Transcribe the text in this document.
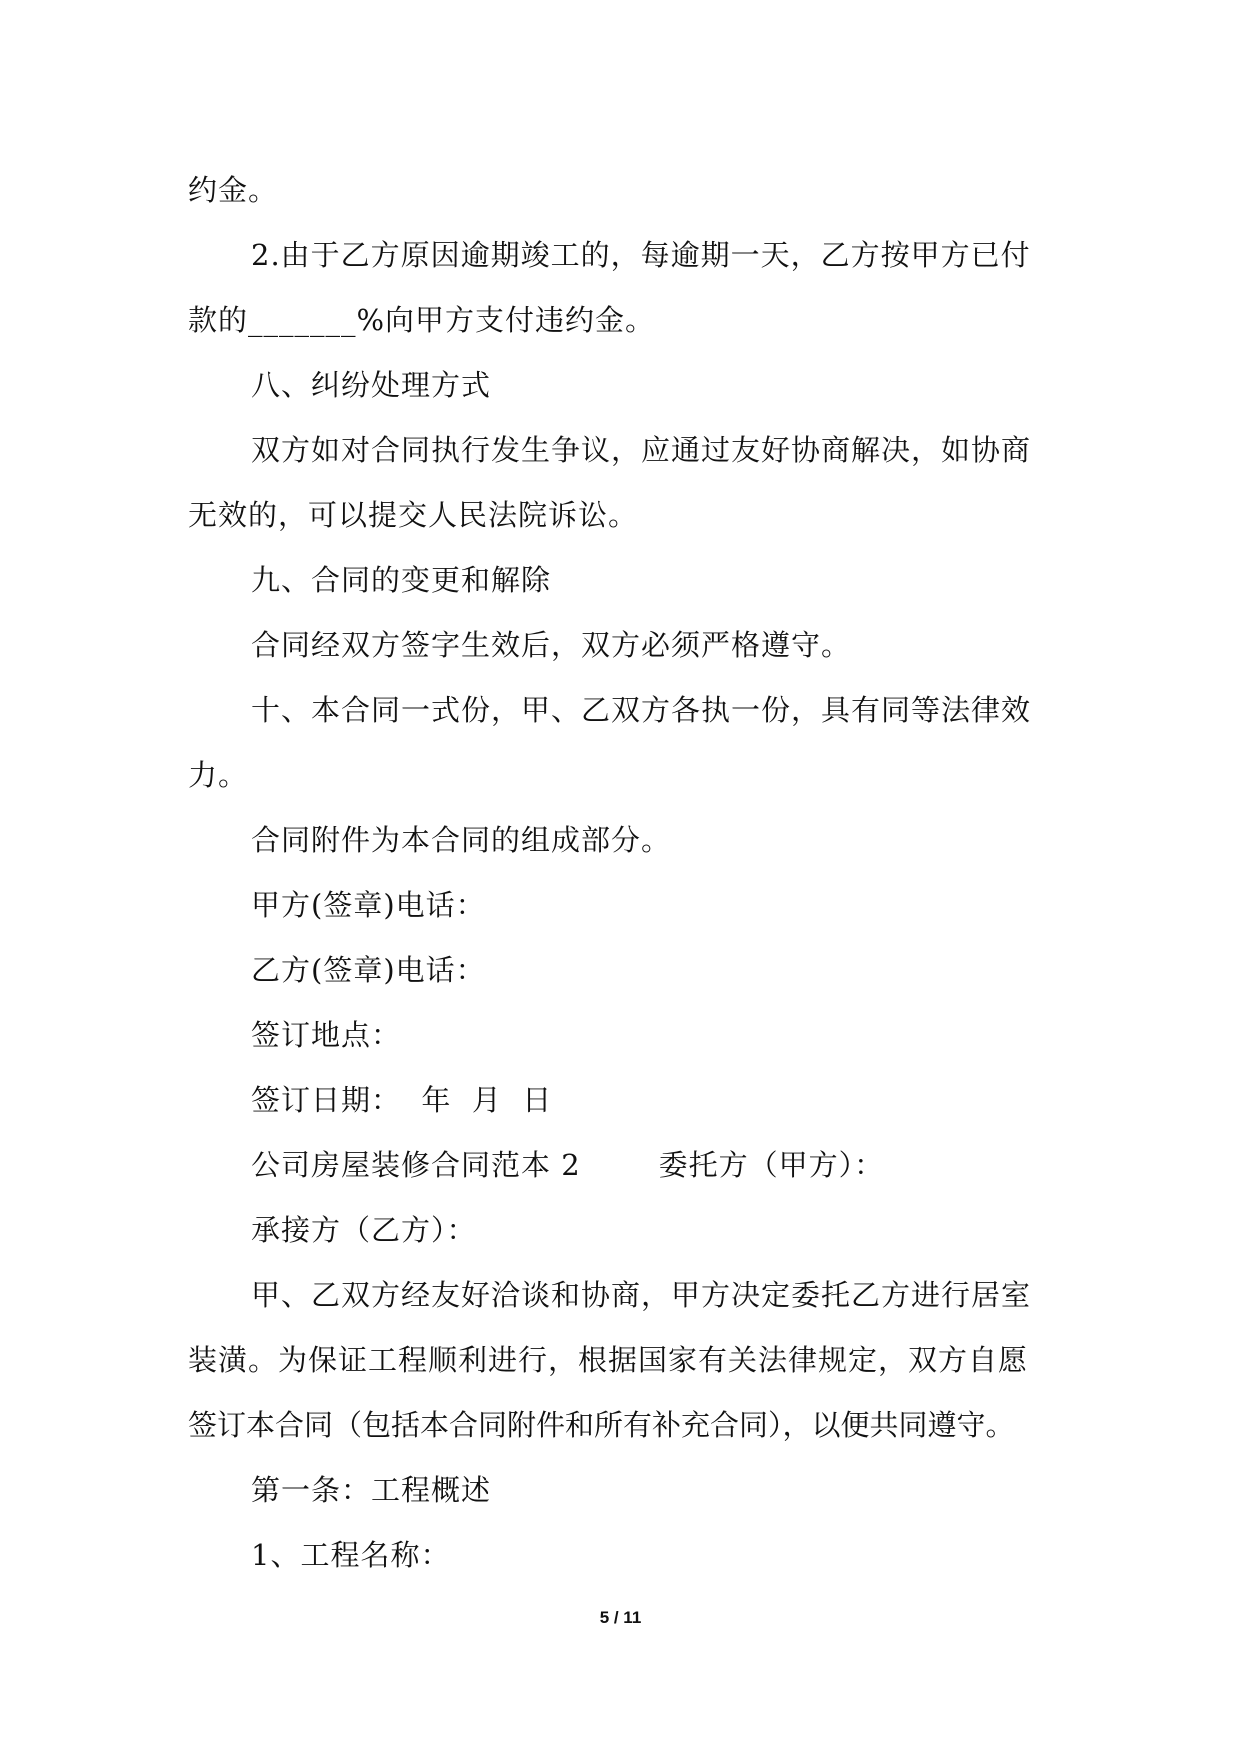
约金。
2.由于乙方原因逾期竣工的，每逾期一天，乙方按甲方已付
款的_______%向甲方支付违约金。
八、纠纷处理方式
双方如对合同执行发生争议，应通过友好协商解决，如协商
无效的，可以提交人民法院诉讼。
九、合同的变更和解除
合同经双方签字生效后，双方必须严格遵守。
十、本合同一式份，甲、乙双方各执一份，具有同等法律效
力。
合同附件为本合同的组成部分。
甲方(签章)电话：
乙方(签章)电话：
签订地点：
签订日期：  年  月  日
公司房屋装修合同范本 2	委托方（甲方）：
承接方（乙方）：
甲、乙双方经友好洽谈和协商，甲方决定委托乙方进行居室
装潢。为保证工程顺利进行，根据国家有关法律规定，双方自愿
签订本合同（包括本合同附件和所有补充合同），以便共同遵守。
第一条：工程概述
1、工程名称：
5 / 11
